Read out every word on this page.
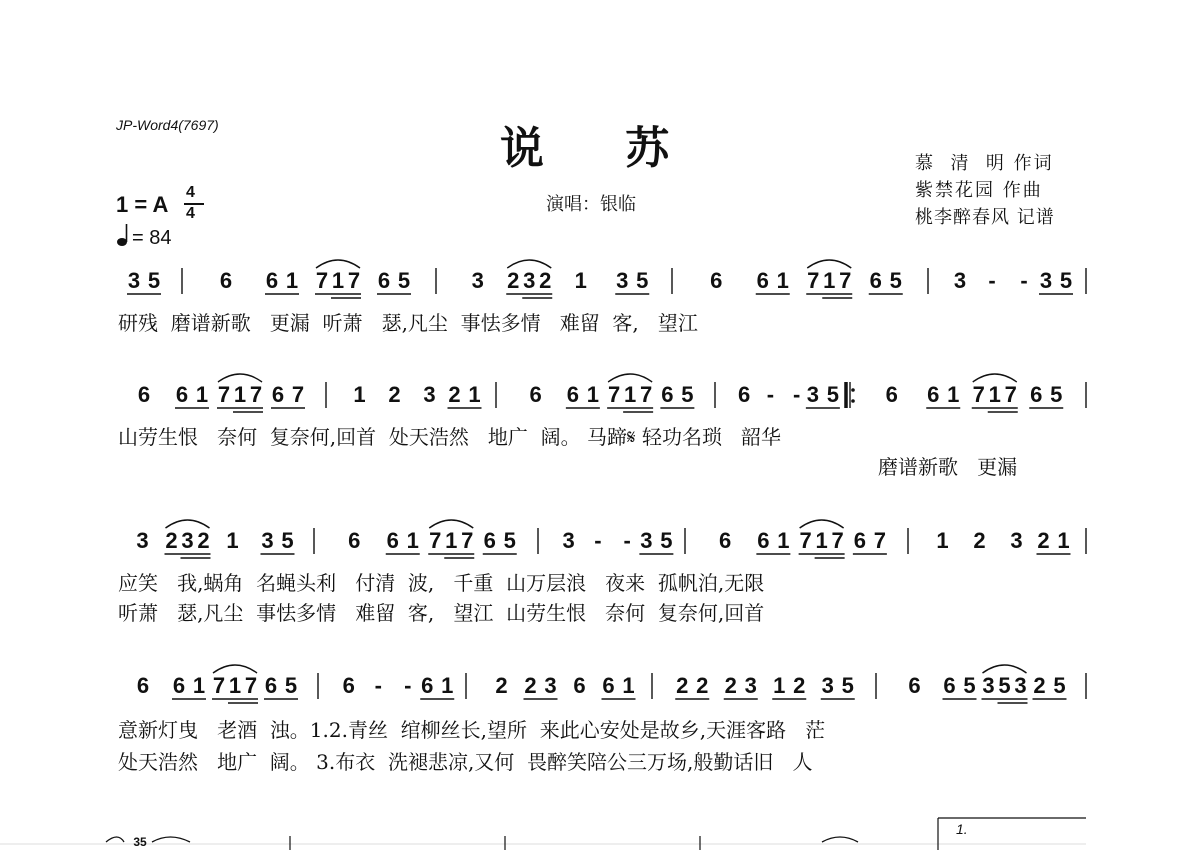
JP-Word4(7697)	说    苏
演唱：银临
慕  清  明 作词
紫禁花园 作曲
桃李醉春风 记谱
1 = A 4
4
= 84
3 5	6 6 1 7 1 7 6 5	3 2 3 2 1 3 5	6 6 1 7 1 7 6 5 3 - - 3 5
研残  磨谱新歌   更漏  听萧   瑟,凡尘  事怯多情   难留  客,   望江
6 6 1 7 1 7 6 7 1 2 3 2 1 6 6 1 7 1 7 6 5 6 - - 3 5 6 6 1 7 1 7 6 5
山劳生恨   奈何  复奈何,回首  处天浩然   地广  阔。 马蹄𝄋 轻功名琐   韶华
磨谱新歌   更漏
3 2 3 2 1 3 5 6 6 1 7 1 7 6 5 3 - - 3 5 6 6 1 7 1 7 6 7 1 2 3 2 1
应笑   我,蜗角  名蝇头利   付清  波,   千重  山万层浪   夜来  孤帆泊,无限
听萧   瑟,凡尘  事怯多情   难留  客,   望江  山劳生恨   奈何  复奈何,回首
6 6 1 7 1 7 6 5 6 - - 6 1 2 2 3 6 6 1 2 2 2 3 1 2 3 5 6 6 5 3 5 3 2 5
意新灯曳   老酒  浊。1.2.青丝  绾柳丝长,望所  来此心安处是故乡,天涯客路   茫
处天浩然   地广  阔。 3.布衣  洗褪悲凉,又何  畏醉笑陪公三万场,般勤话旧   人
35
1.
